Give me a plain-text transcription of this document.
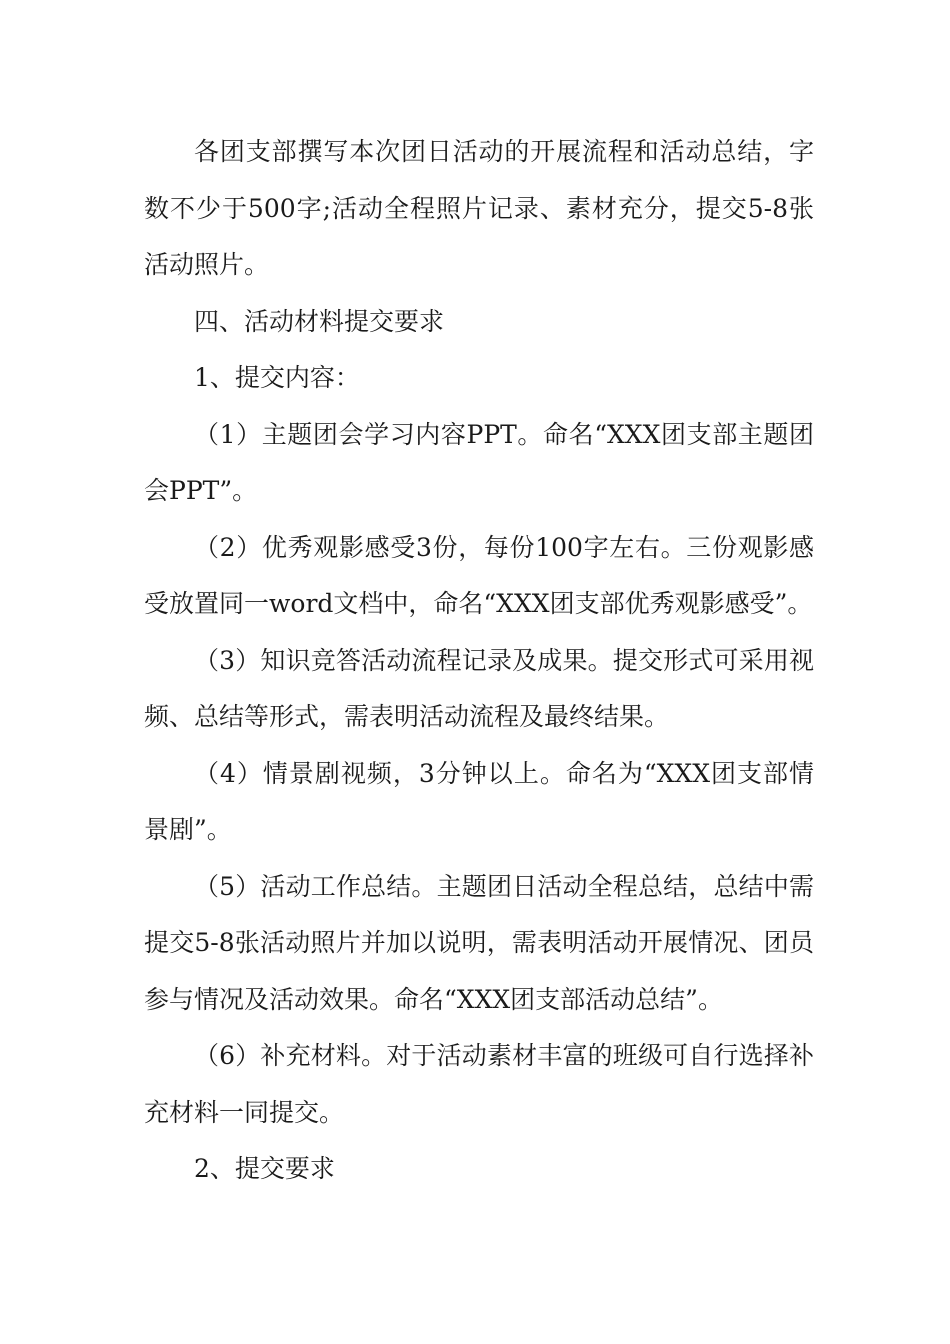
各团支部撰写本次团日活动的开展流程和活动总结，字数不少于500字;活动全程照片记录、素材充分，提交5-8张活动照片。

四、活动材料提交要求

1、提交内容：

（1）主题团会学习内容PPT。命名“XXX团支部主题团会PPT”。

（2）优秀观影感受3份，每份100字左右。三份观影感受放置同一word文档中，命名“XXX团支部优秀观影感受”。

（3）知识竞答活动流程记录及成果。提交形式可采用视频、总结等形式，需表明活动流程及最终结果。

（4）情景剧视频，3分钟以上。命名为“XXX团支部情景剧”。

（5）活动工作总结。主题团日活动全程总结，总结中需提交5-8张活动照片并加以说明，需表明活动开展情况、团员参与情况及活动效果。命名“XXX团支部活动总结”。

（6）补充材料。对于活动素材丰富的班级可自行选择补充材料一同提交。

2、提交要求
